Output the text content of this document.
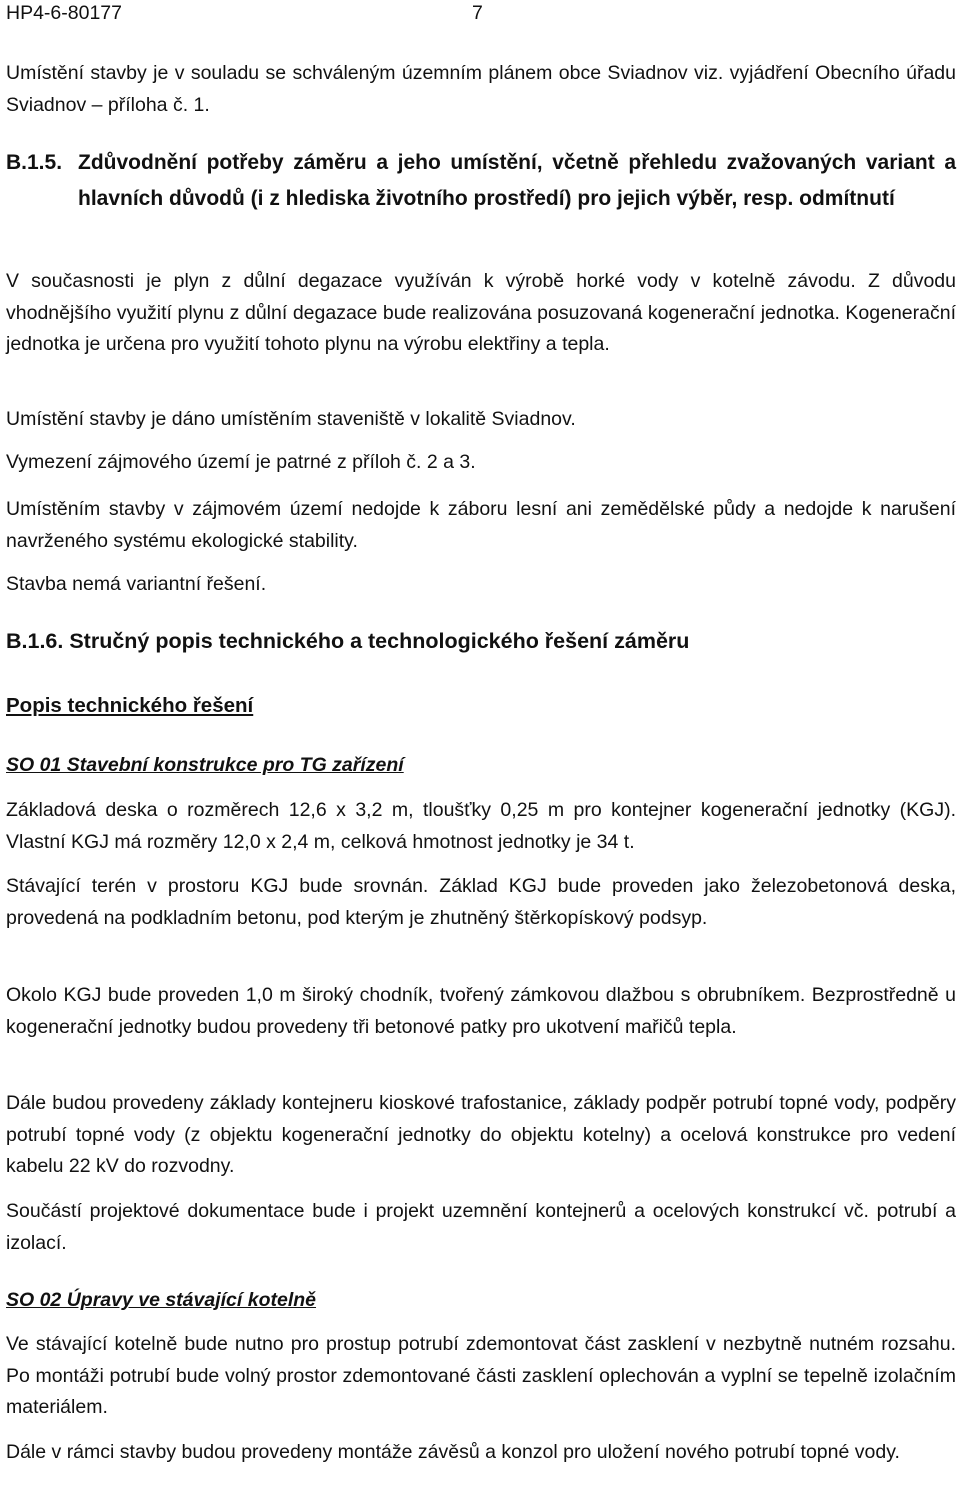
HP4-6-80177	7

Umístění stavby je v souladu se schváleným územním plánem obce Sviadnov viz. vyjádření Obecního úřadu Sviadnov – příloha č. 1.

B.1.5. Zdůvodnění potřeby záměru a jeho umístění, včetně přehledu zvažovaných variant a hlavních důvodů (i z hlediska životního prostředí) pro jejich výběr, resp. odmítnutí

V současnosti je plyn z důlní degazace využíván k výrobě horké vody v kotelně závodu. Z důvodu vhodnějšího využití plynu z důlní degazace bude realizována posuzovaná kogenerační jednotka. Kogenerační jednotka je určena pro využití tohoto plynu na výrobu elektřiny a tepla.

Umístění stavby je dáno umístěním staveniště v lokalitě Sviadnov.

Vymezení zájmového území je patrné z příloh č. 2 a 3.

Umístěním stavby v zájmovém území nedojde k záboru lesní ani zemědělské půdy a nedojde k narušení navrženého systému ekologické stability.

Stavba nemá variantní řešení.

B.1.6. Stručný popis technického a technologického řešení záměru
Popis technického řešení
SO 01 Stavební konstrukce pro TG zařízení

Základová deska o rozměrech 12,6 x 3,2 m, tloušťky 0,25 m pro kontejner kogenerační jednotky (KGJ). Vlastní KGJ má rozměry 12,0 x 2,4 m, celková hmotnost jednotky je 34 t.

Stávající terén v prostoru KGJ bude srovnán. Základ KGJ bude proveden jako železobetonová deska, provedená na podkladním betonu, pod kterým je zhutněný štěrkopískový podsyp.

Okolo KGJ bude proveden 1,0 m široký chodník, tvořený zámkovou dlažbou s obrubníkem. Bezprostředně u kogenerační jednotky budou provedeny tři betonové patky pro ukotvení mařičů tepla.

Dále budou provedeny základy kontejneru kioskové trafostanice, základy podpěr potrubí topné vody, podpěry potrubí topné vody (z objektu kogenerační jednotky do objektu kotelny) a ocelová konstrukce pro vedení kabelu 22 kV do rozvodny.

Součástí projektové dokumentace bude i projekt uzemnění kontejnerů a ocelových konstrukcí vč. potrubí a izolací.

SO 02 Úpravy ve stávající kotelně

Ve stávající kotelně bude nutno pro prostup potrubí zdemontovat část zasklení v nezbytně nutném rozsahu. Po montáži potrubí bude volný prostor zdemontované části zasklení oplechován a vyplní se tepelně izolačním materiálem.

Dále v rámci stavby budou provedeny montáže závěsů a konzol pro uložení nového potrubí topné vody.
